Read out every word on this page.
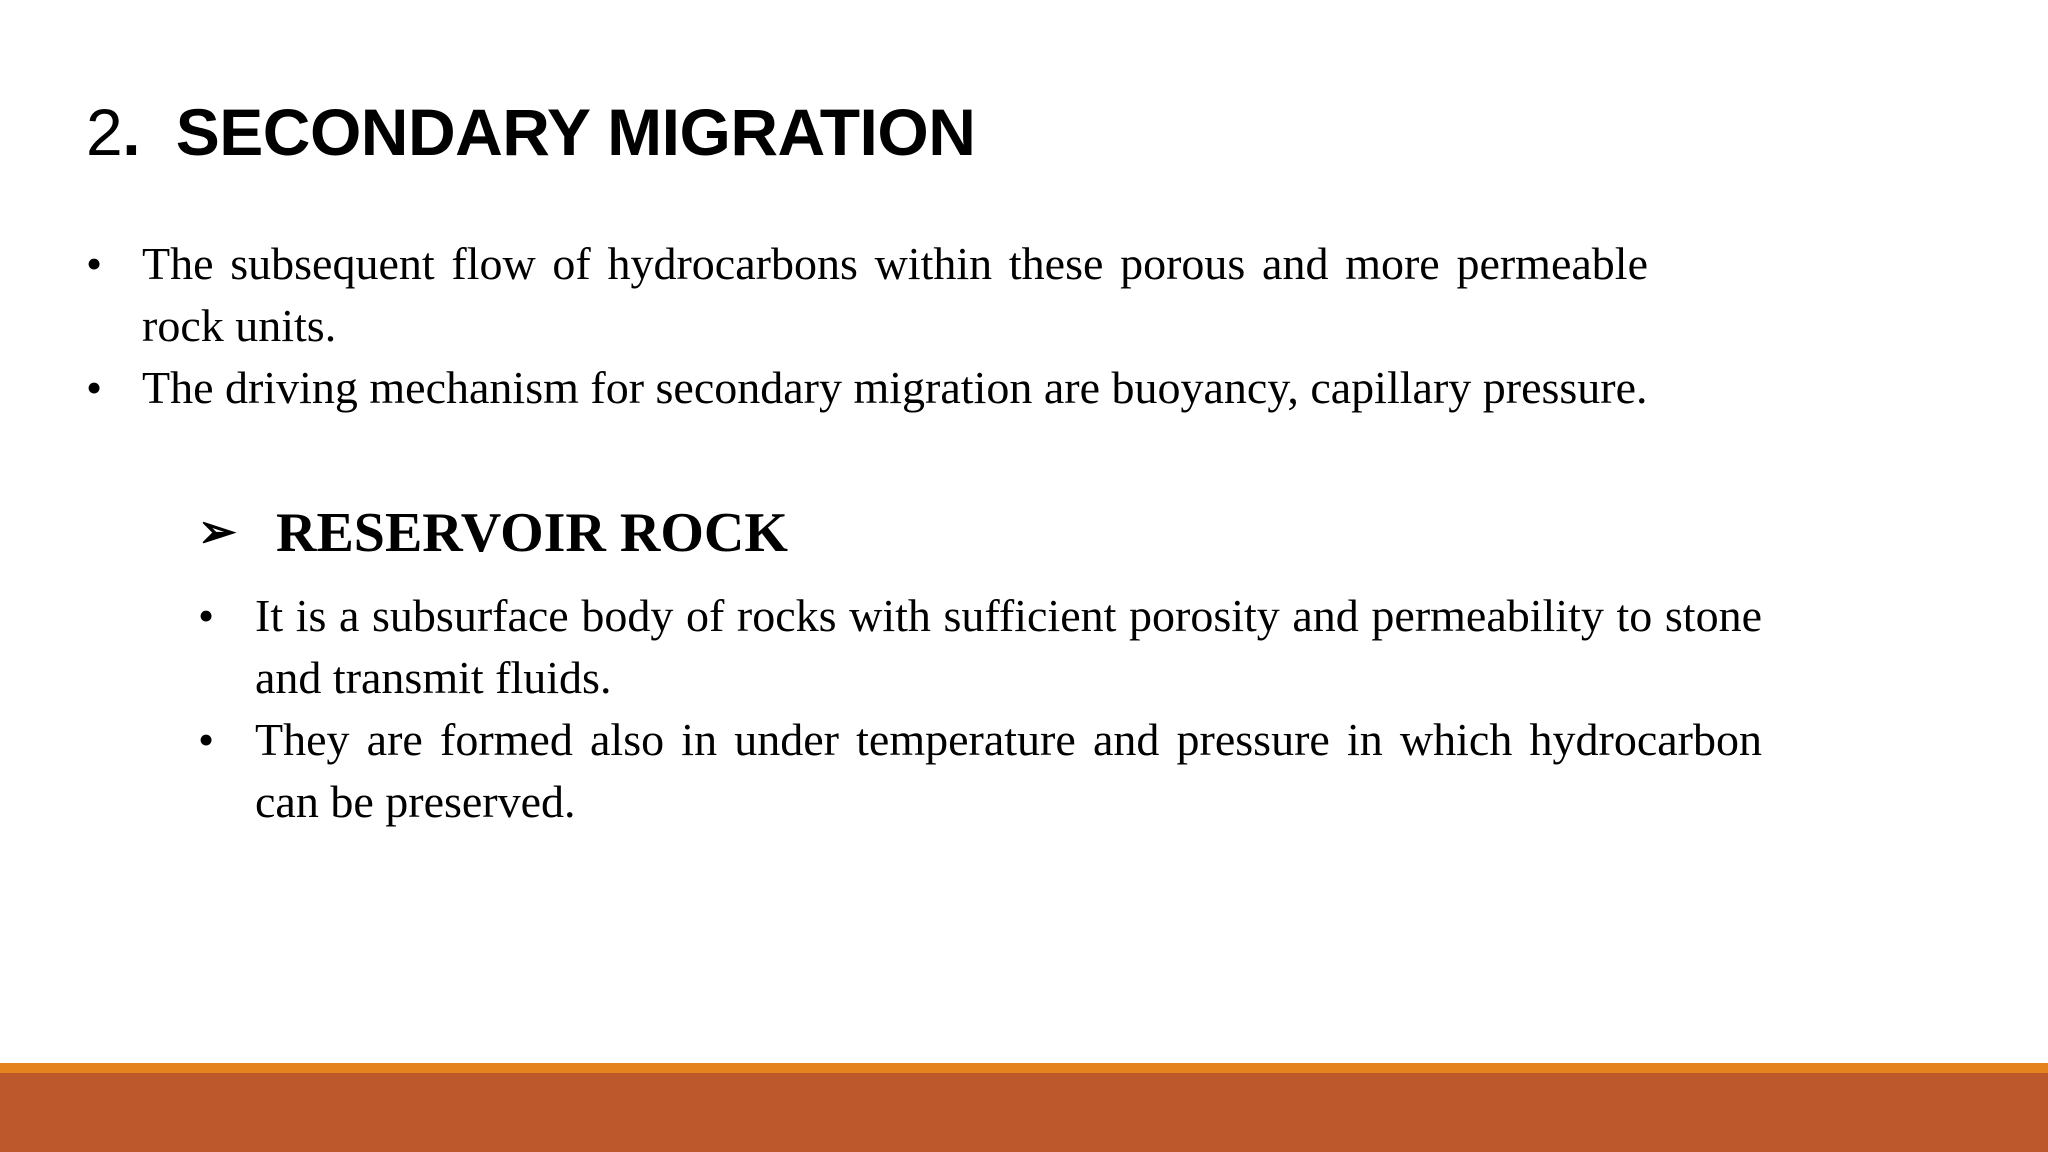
2. SECONDARY MIGRATION
• The subsequent flow of hydrocarbons within these porous and more permeable rock units.
• The driving mechanism for secondary migration are buoyancy, capillary pressure.
➢ RESERVOIR ROCK
• It is a subsurface body of rocks with sufficient porosity and permeability to stone and transmit fluids.
• They are formed also in under temperature and pressure in which hydrocarbon can be preserved.
